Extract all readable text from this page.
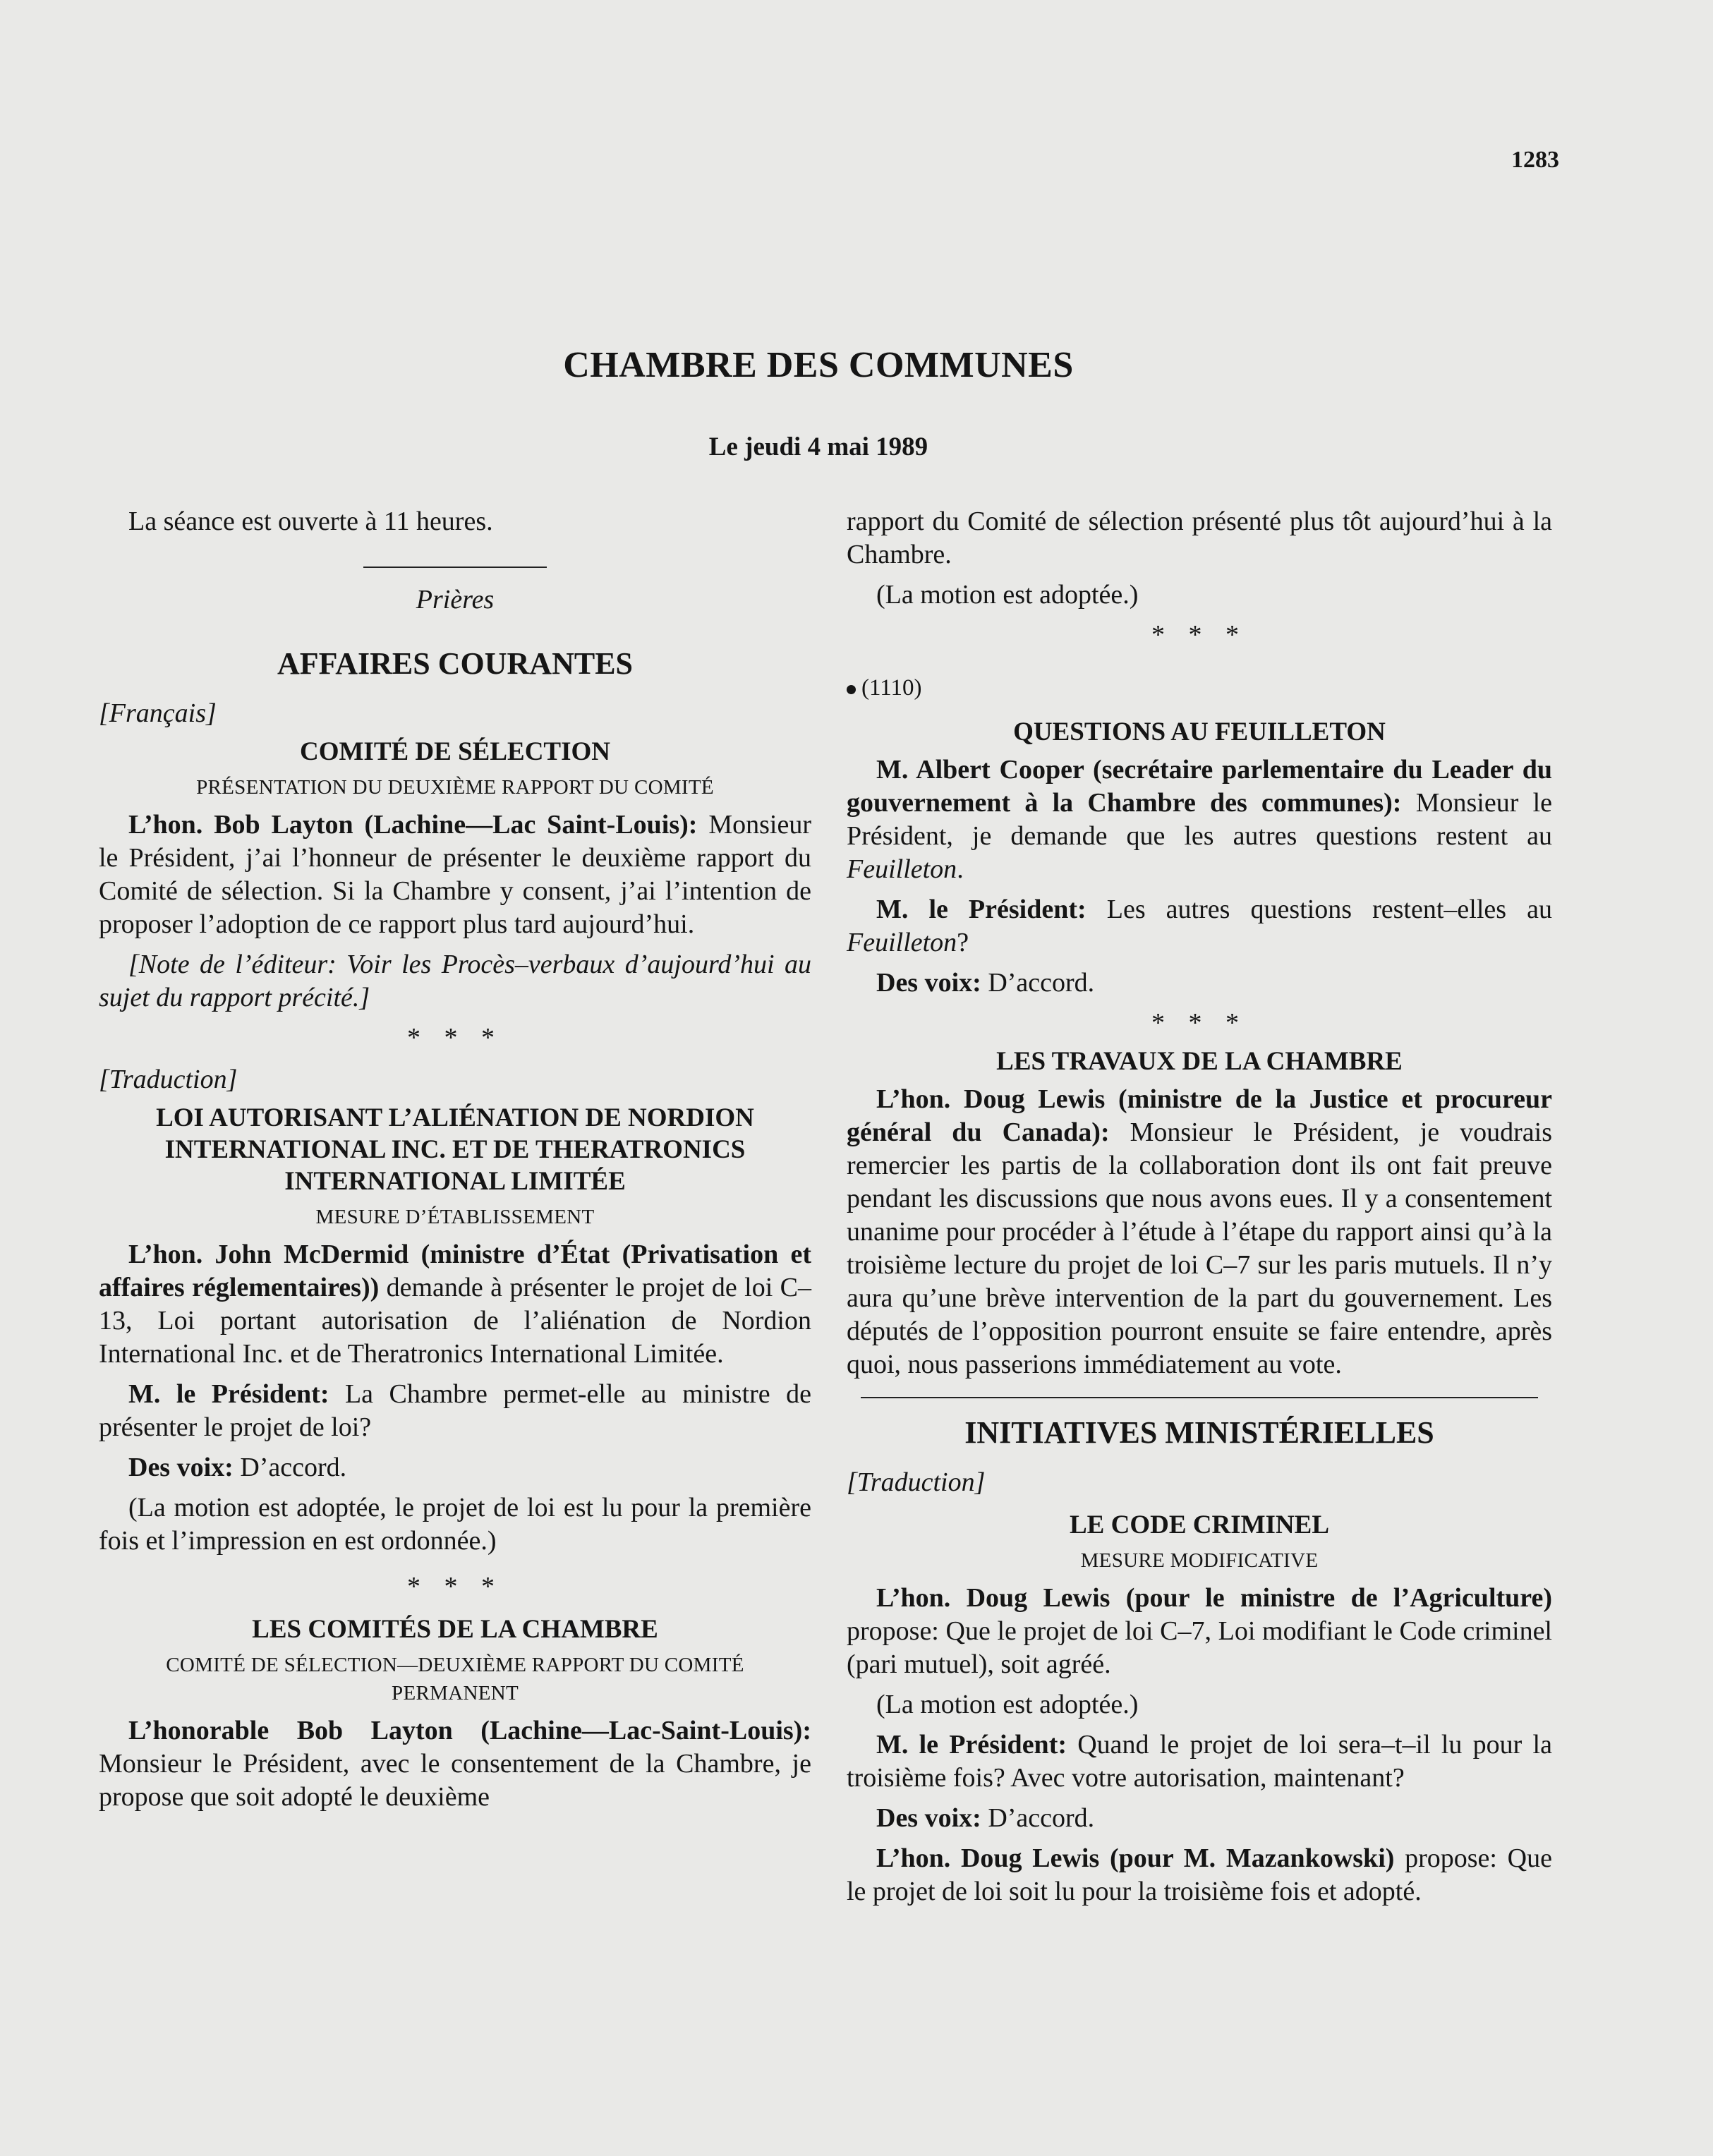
1283
CHAMBRE DES COMMUNES
Le jeudi 4 mai 1989

La séance est ouverte à 11 heures.

Prières
AFFAIRES COURANTES
[Français]
COMITÉ DE SÉLECTION
PRÉSENTATION DU DEUXIÈME RAPPORT DU COMITÉ

L’hon. Bob Layton (Lachine—Lac Saint-Louis): Monsieur le Président, j’ai l’honneur de présenter le deuxième rapport du Comité de sélection. Si la Chambre y consent, j’ai l’intention de proposer l’adoption de ce rapport plus tard aujourd’hui.

[Note de l’éditeur: Voir les Procès–verbaux d’aujourd’hui au sujet du rapport précité.]

* * *
[Traduction]
LOI AUTORISANT L’ALIÉNATION DE NORDION INTERNATIONAL INC. ET DE THERATRONICS INTERNATIONAL LIMITÉE
MESURE D’ÉTABLISSEMENT

L’hon. John McDermid (ministre d’État (Privatisation et affaires réglementaires)) demande à présenter le projet de loi C–13, Loi portant autorisation de l’aliénation de Nordion International Inc. et de Theratronics International Limitée.

M. le Président: La Chambre permet-elle au ministre de présenter le projet de loi?

Des voix: D’accord.

(La motion est adoptée, le projet de loi est lu pour la première fois et l’impression en est ordonnée.)

* * *
LES COMITÉS DE LA CHAMBRE
COMITÉ DE SÉLECTION—DEUXIÈME RAPPORT DU COMITÉ PERMANENT

L’honorable Bob Layton (Lachine—Lac-Saint-Louis): Monsieur le Président, avec le consentement de la Chambre, je propose que soit adopté le deuxième

rapport du Comité de sélection présenté plus tôt aujourd’hui à la Chambre.

(La motion est adoptée.)

* * *
(1110)
QUESTIONS AU FEUILLETON

M. Albert Cooper (secrétaire parlementaire du Leader du gouvernement à la Chambre des communes): Monsieur le Président, je demande que les autres questions restent au Feuilleton.

M. le Président: Les autres questions restent–elles au Feuilleton?

Des voix: D’accord.

* * *
LES TRAVAUX DE LA CHAMBRE

L’hon. Doug Lewis (ministre de la Justice et procureur général du Canada): Monsieur le Président, je voudrais remercier les partis de la collaboration dont ils ont fait preuve pendant les discussions que nous avons eues. Il y a consentement unanime pour procéder à l’étude à l’étape du rapport ainsi qu’à la troisième lecture du projet de loi C–7 sur les paris mutuels. Il n’y aura qu’une brève intervention de la part du gouvernement. Les députés de l’opposition pourront ensuite se faire entendre, après quoi, nous passerions immédiatement au vote.

INITIATIVES MINISTÉRIELLES
[Traduction]
LE CODE CRIMINEL
MESURE MODIFICATIVE

L’hon. Doug Lewis (pour le ministre de l’Agriculture) propose: Que le projet de loi C–7, Loi modifiant le Code criminel (pari mutuel), soit agréé.

(La motion est adoptée.)

M. le Président: Quand le projet de loi sera–t–il lu pour la troisième fois? Avec votre autorisation, maintenant?

Des voix: D’accord.

L’hon. Doug Lewis (pour M. Mazankowski) propose: Que le projet de loi soit lu pour la troisième fois et adopté.
